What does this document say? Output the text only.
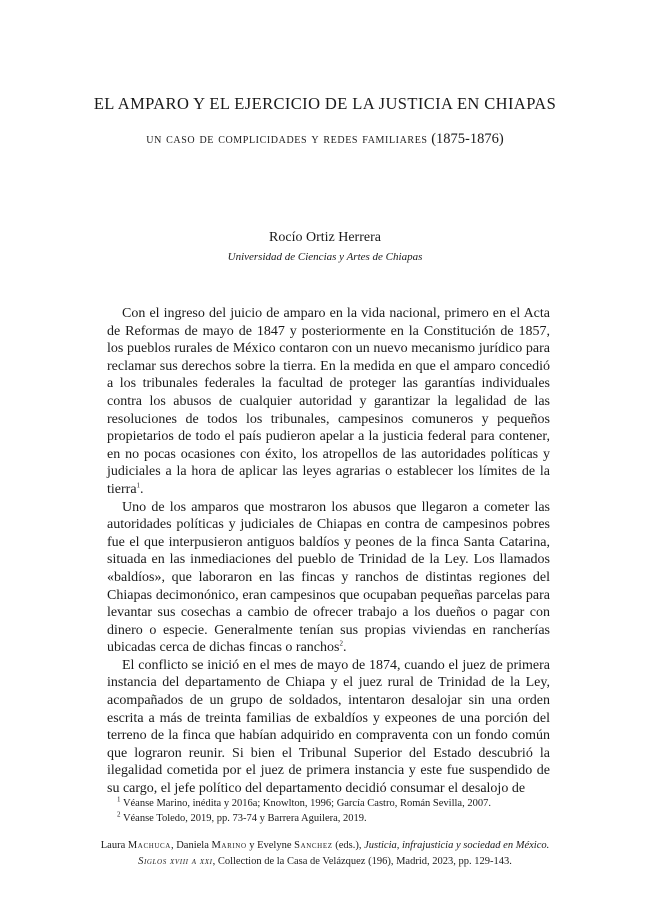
EL AMPARO Y EL EJERCICIO DE LA JUSTICIA EN CHIAPAS
un caso de complicidades y redes familiares (1875-1876)
Rocío Ortiz Herrera
Universidad de Ciencias y Artes de Chiapas

Con el ingreso del juicio de amparo en la vida nacional, primero en el Acta de Reformas de mayo de 1847 y posteriormente en la Constitución de 1857, los pueblos rurales de México contaron con un nuevo mecanismo jurídico para reclamar sus derechos sobre la tierra. En la medida en que el amparo concedió a los tribunales federales la facultad de proteger las garantías individuales contra los abusos de cualquier autoridad y garantizar la legalidad de las resoluciones de todos los tribunales, campesinos comuneros y pequeños propietarios de todo el país pudieron apelar a la justicia federal para contener, en no pocas ocasiones con éxito, los atropellos de las autoridades políticas y judiciales a la hora de aplicar las leyes agrarias o establecer los límites de la tierra$^1$.

Uno de los amparos que mostraron los abusos que llegaron a cometer las autoridades políticas y judiciales de Chiapas en contra de campesinos pobres fue el que interpusieron antiguos baldíos y peones de la finca Santa Catarina, situada en las inmediaciones del pueblo de Trinidad de la Ley. Los llamados «baldíos», que laboraron en las fincas y ranchos de distintas regiones del Chiapas decimonónico, eran campesinos que ocupaban pequeñas parcelas para levantar sus cosechas a cambio de ofrecer trabajo a los dueños o pagar con dinero o especie. Generalmente tenían sus propias viviendas en rancherías ubicadas cerca de dichas fincas o ranchos$^2$.

El conflicto se inició en el mes de mayo de 1874, cuando el juez de primera instancia del departamento de Chiapa y el juez rural de Trinidad de la Ley, acompañados de un grupo de soldados, intentaron desalojar sin una orden escrita a más de treinta familias de exbaldíos y expeones de una porción del terreno de la finca que habían adquirido en compraventa con un fondo común que lograron reunir. Si bien el Tribunal Superior del Estado descubrió la ilegalidad cometida por el juez de primera instancia y este fue suspendido de su cargo, el jefe político del departamento decidió consumar el desalojo de

$^1$ Véanse Marino, inédita y 2016a; Knowlton, 1996; García Castro, Román Sevilla, 2007.

$^2$ Véanse Toledo, 2019, pp. 73-74 y Barrera Aguilera, 2019.

Laura Machuca, Daniela Marino y Evelyne Sanchez (eds.), Justicia, infrajusticia y sociedad en México.

Siglos xviii a xxi, Collection de la Casa de Velázquez (196), Madrid, 2023, pp. 129-143.
